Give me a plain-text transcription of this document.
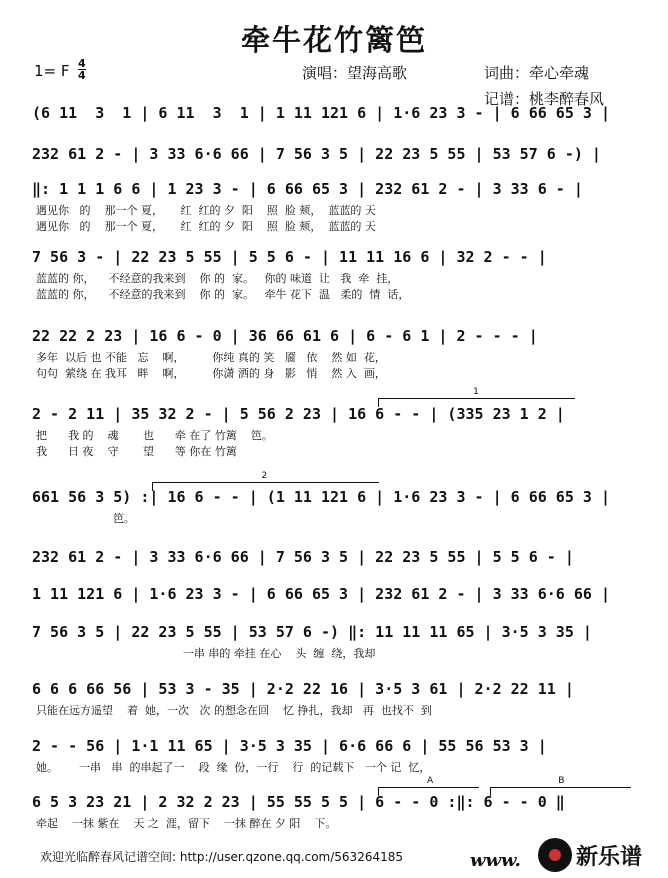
牵牛花竹篱笆
1= F $\frac{4}{4}$	演唱：望海高歌	词曲：牵心牵魂
记谱：桃李醉春风
(6 11  3  1 | 6 11  3  1 | 1 11 121 6 | 1·6 23 3 - | 6 66 65 3 |
232 61 2 - | 3 33 6·6 66 | 7 56 3 5 | 22 23 5 55 | 53 57 6 -) |
‖: 1 1 1 6 6 | 1 23 3 - | 6 66 65 3 | 232 61 2 - | 3 33 6 - |
遇见你   的    那一个 夏，     红  红的 夕  阳    照  脸 颊，  蓝蓝的 天
遇见你   的    那一个 夏，     红  红的 夕  阳    照  脸 颊，  蓝蓝的 天
7 56 3 - | 22 23 5 55 | 5 5 6 - | 11 11 16 6 | 32 2 - - |
蓝蓝的 你，    不经意的我来到    你 的  家。   你的 味道  让   我  牵  挂，
蓝蓝的 你，    不经意的我来到    你 的  家。   牵牛 花下  温   柔的  情  话，
22 22 2 23 | 16 6 - 0 | 36 66 61 6 | 6 - 6 1 | 2 - - - |
多年  以后 也 不能   忘    啊，        你纯 真的 笑   靥   依    然 如  花，
句句  萦绕 在 我耳   畔    啊，        你潇 洒的 身   影   悄    然 入  画，
2 - 2 11 | 35 32 2 - | 5 56 2 23 | 16 6 - - | (335 23 1 2 |
把      我 的    魂       也      牵 在了 竹篱    笆。
我      日 夜    守       望      等 你在 竹篱
661 56 3 5) :| 16 6 - - | (1 11 121 6 | 1·6 23 3 - | 6 66 65 3 |
笆。
232 61 2 - | 3 33 6·6 66 | 7 56 3 5 | 22 23 5 55 | 5 5 6 - |
1 11 121 6 | 1·6 23 3 - | 6 66 65 3 | 232 61 2 - | 3 33 6·6 66 |
7 56 3 5 | 22 23 5 55 | 53 57 6 -) ‖: 11 11 11 65 | 3·5 3 35 |
一串 串的 牵挂 在心    头  缠  绕，我却
6 6 6 66 56 | 53 3 - 35 | 2·2 22 16 | 3·5 3 61 | 2·2 22 11 |
只能在远方遥望    着  她，一次   次 的想念在回    忆 挣扎，我却   再  也找不  到
2 - - 56 | 1·1 11 65 | 3·5 3 35 | 6·6 66 6 | 55 56 53 3 |
她。      一串   串  的串起了一    段  缘  份，一行    行  的记载下   一个 记  忆，
6 5 3 23 21 | 2 32 2 23 | 55 55 5 5 | 6 - - 0 :‖: 6 - - 0 ‖
牵起    一抹 紫在    天 之  涯，留下    一抹 醉在 夕 阳    下。
1
2
A	B
欢迎光临醉春风记谱空间: http://user.qzone.qq.com/563264185	www.	新乐谱
